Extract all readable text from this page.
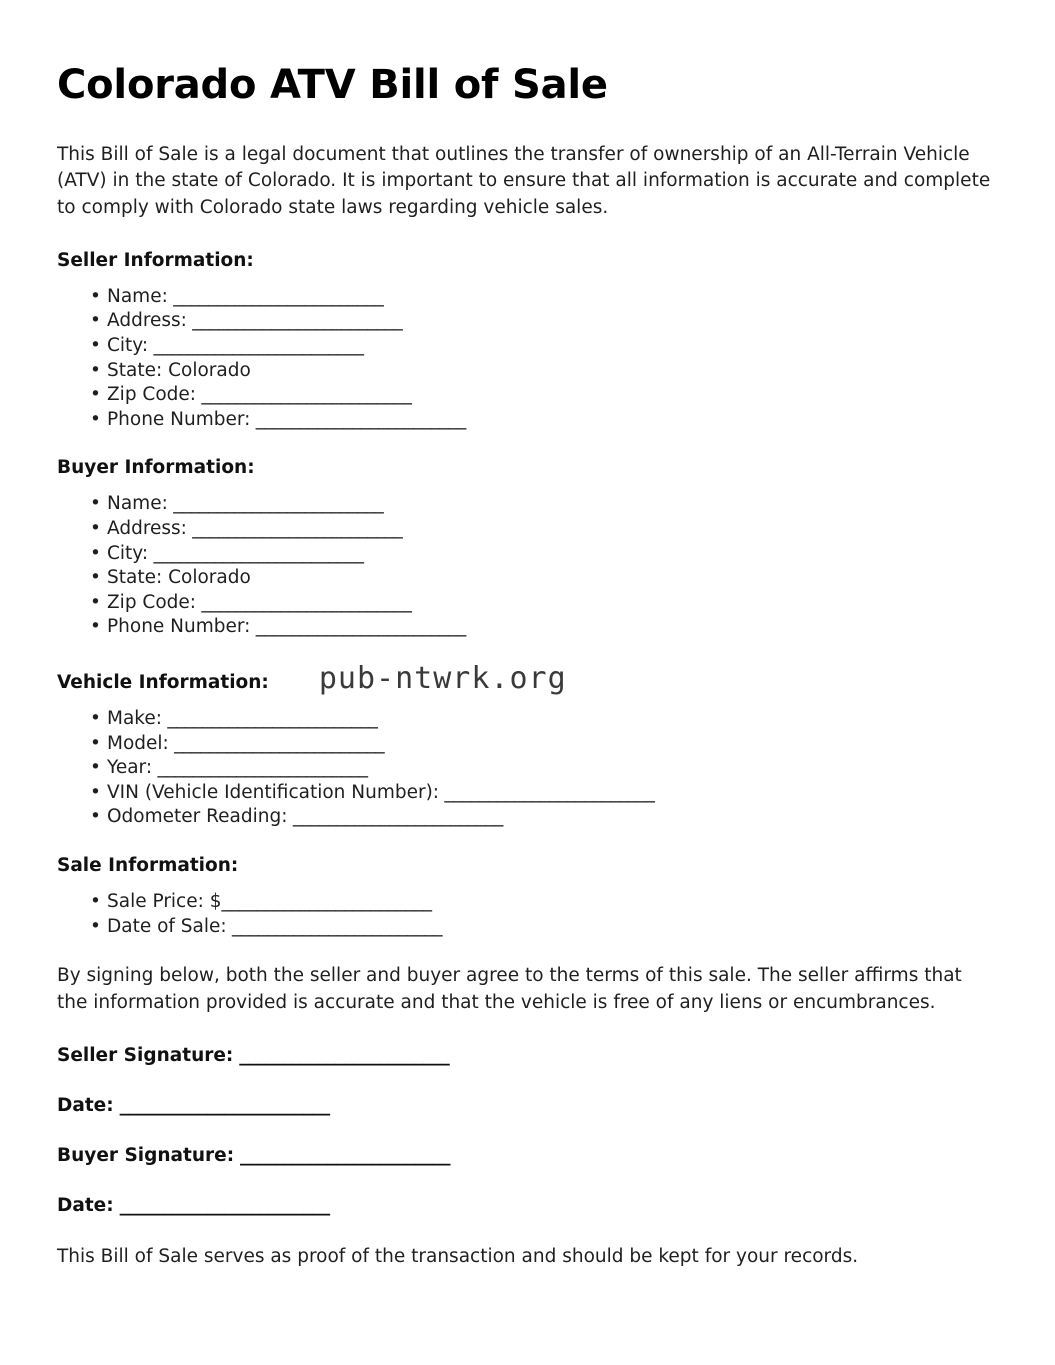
Colorado ATV Bill of Sale

This Bill of Sale is a legal document that outlines the transfer of ownership of an All-Terrain Vehicle (ATV) in the state of Colorado. It is important to ensure that all information is accurate and complete to comply with Colorado state laws regarding vehicle sales.

Seller Information:
• Name: ________________________
• Address: ________________________
• City: ________________________
• State: Colorado
• Zip Code: ________________________
• Phone Number: ________________________
Buyer Information:
• Name: ________________________
• Address: ________________________
• City: ________________________
• State: Colorado
• Zip Code: ________________________
• Phone Number: ________________________
Vehicle Information: pub-ntwrk.org
• Make: ________________________
• Model: ________________________
• Year: ________________________
• VIN (Vehicle Identification Number): ________________________
• Odometer Reading: ________________________
Sale Information:
• Sale Price: $________________________
• Date of Sale: ________________________

By signing below, both the seller and buyer agree to the terms of this sale. The seller affirms that the information provided is accurate and that the vehicle is free of any liens or encumbrances.

Seller Signature: ________________________
Date: ________________________
Buyer Signature: ________________________
Date: ________________________

This Bill of Sale serves as proof of the transaction and should be kept for your records.
